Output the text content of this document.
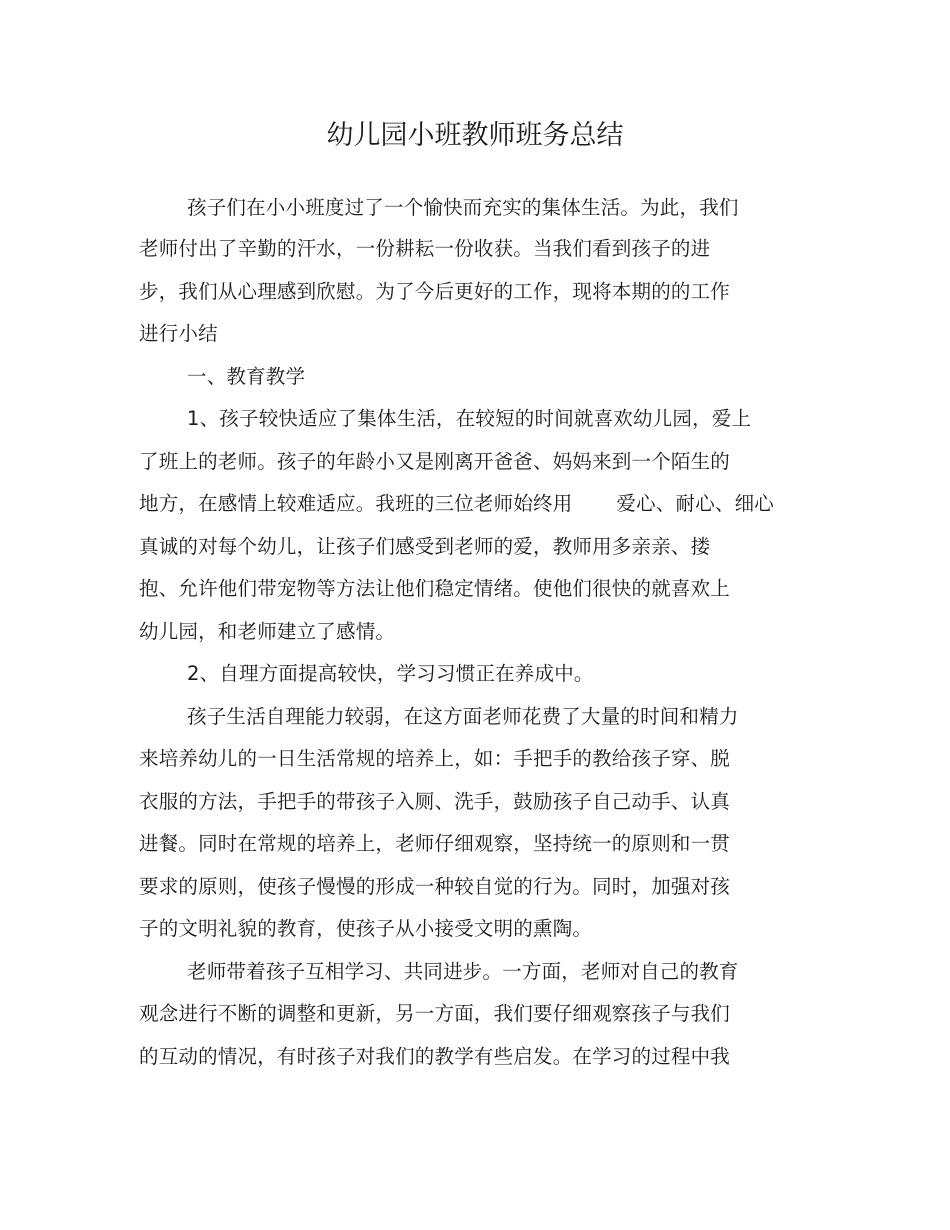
幼儿园小班教师班务总结
孩子们在小小班度过了一个愉快而充实的集体生活。为此，我们
老师付出了辛勤的汗水，一份耕耘一份收获。当我们看到孩子的进
步，我们从心理感到欣慰。为了今后更好的工作，现将本期的的工作
进行小结
一、教育教学
1、孩子较快适应了集体生活，在较短的时间就喜欢幼儿园，爱上
了班上的老师。孩子的年龄小又是刚离开爸爸、妈妈来到一个陌生的
地方，在感情上较难适应。我班的三位老师始终用 爱心、耐心、细心
真诚的对每个幼儿，让孩子们感受到老师的爱，教师用多亲亲、搂
抱、允许他们带宠物等方法让他们稳定情绪。使他们很快的就喜欢上
幼儿园，和老师建立了感情。
2、自理方面提高较快，学习习惯正在养成中。
孩子生活自理能力较弱，在这方面老师花费了大量的时间和精力
来培养幼儿的一日生活常规的培养上，如：手把手的教给孩子穿、脱
衣服的方法，手把手的带孩子入厕、洗手，鼓励孩子自己动手、认真
进餐。同时在常规的培养上，老师仔细观察，坚持统一的原则和一贯
要求的原则，使孩子慢慢的形成一种较自觉的行为。同时，加强对孩
子的文明礼貌的教育，使孩子从小接受文明的熏陶。
老师带着孩子互相学习、共同进步。一方面，老师对自己的教育
观念进行不断的调整和更新，另一方面，我们要仔细观察孩子与我们
的互动的情况，有时孩子对我们的教学有些启发。在学习的过程中我
